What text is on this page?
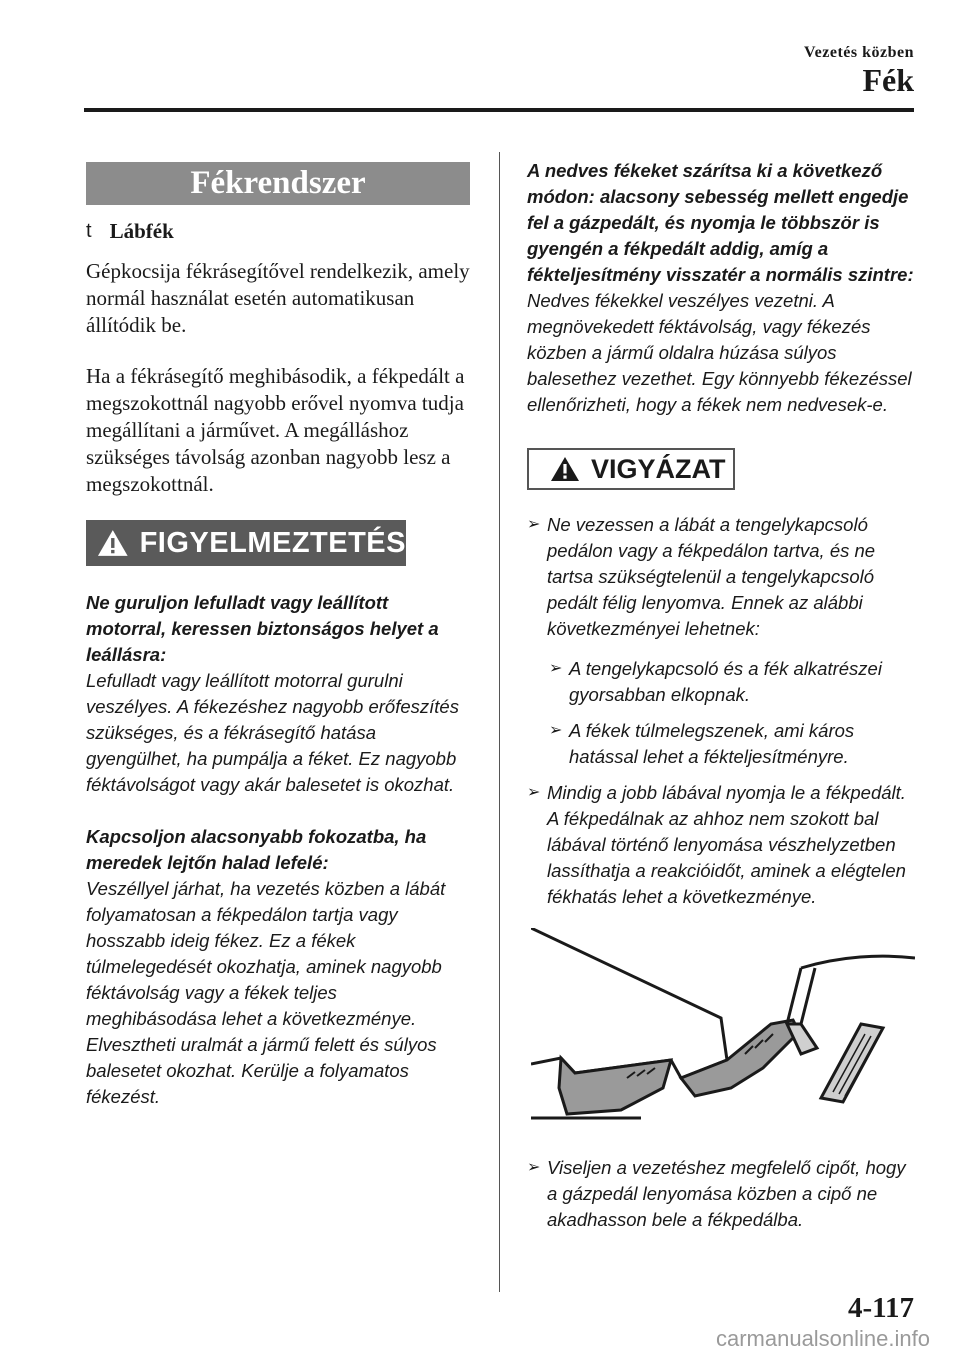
Vezetés közben
Fék
Fékrendszer
t Lábfék

Gépkocsija fékrásegítővel rendelkezik, amely normál használat esetén automatikusan állítódik be.

Ha a fékrásegítő meghibásodik, a fékpedált a megszokottnál nagyobb erővel nyomva tudja megállítani a járművet. A megálláshoz szükséges távolság azonban nagyobb lesz a megszokottnál.

FIGYELMEZTETÉS
Ne guruljon lefulladt vagy leállított motorral, keressen biztonságos helyet a leállásra:
Lefulladt vagy leállított motorral gurulni veszélyes. A fékezéshez nagyobb erőfeszítés szükséges, és a fékrásegítő hatása gyengülhet, ha pumpálja a féket. Ez nagyobb féktávolságot vagy akár balesetet is okozhat.
Kapcsoljon alacsonyabb fokozatba, ha meredek lejtőn halad lefelé:
Veszéllyel járhat, ha vezetés közben a lábát folyamatosan a fékpedálon tartja vagy hosszabb ideig fékez. Ez a fékek túlmelegedését okozhatja, aminek nagyobb féktávolság vagy a fékek teljes meghibásodása lehet a következménye. Elvesztheti uralmát a jármű felett és súlyos balesetet okozhat. Kerülje a folyamatos fékezést.
A nedves fékeket szárítsa ki a következő módon: alacsony sebesség mellett engedje fel a gázpedált, és nyomja le többször is gyengén a fékpedált addig, amíg a fékteljesítmény visszatér a normális szintre:
Nedves fékekkel veszélyes vezetni. A megnövekedett féktávolság, vagy fékezés közben a jármű oldalra húzása súlyos balesethez vezethet. Egy könnyebb fékezéssel ellenőrizheti, hogy a fékek nem nedvesek-e.
VIGYÁZAT
➢ Ne vezessen a lábát a tengelykapcsoló pedálon vagy a fékpedálon tartva, és ne tartsa szükségtelenül a tengelykapcsoló pedált félig lenyomva. Ennek az alábbi következményei lehetnek:
➢ A tengelykapcsoló és a fék alkatrészei gyorsabban elkopnak.
➢ A fékek túlmelegszenek, ami káros hatással lehet a fékteljesítményre.
➢ Mindig a jobb lábával nyomja le a fékpedált. A fékpedálnak az ahhoz nem szokott bal lábával történő lenyomása vészhelyzetben lassíthatja a reakcióidőt, aminek a elégtelen fékhatás lehet a következménye.
➢ Viseljen a vezetéshez megfelelő cipőt, hogy a gázpedál lenyomása közben a cipő ne akadhasson bele a fékpedálba.
4-117
carmanualsonline.info
